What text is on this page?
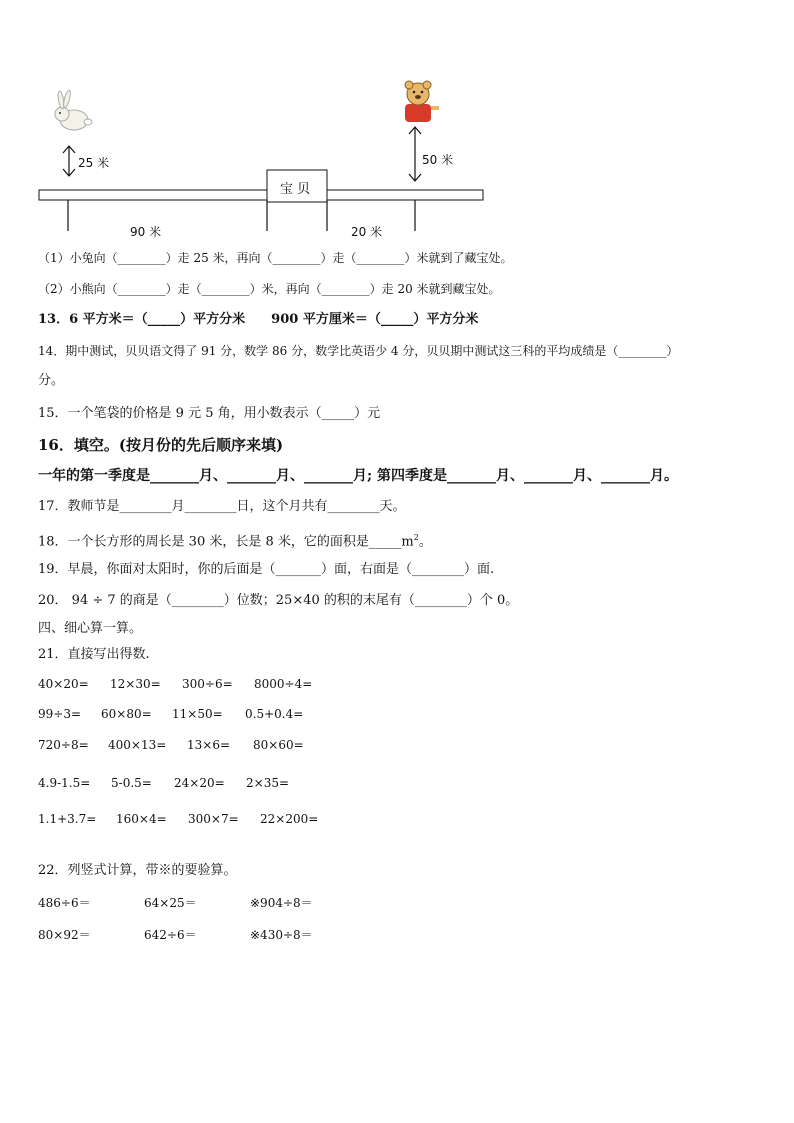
25 米	50 米
宝 贝
90 米	20 米
（1）小兔向（________）走 25 米，再向（________）走（________）米就到了藏宝处。
（2）小熊向（________）走（________）米，再向（________）走 20 米就到藏宝处。
13．6 平方米＝（_____）平方分米　　900 平方厘米＝（_____）平方分米
14．期中测试，贝贝语文得了 91 分，数学 86 分，数学比英语少 4 分，贝贝期中测试这三科的平均成绩是（________）
分。
15．一个笔袋的价格是 9 元 5 角，用小数表示（_____）元
16．填空。(按月份的先后顺序来填)
一年的第一季度是_______月、_______月、_______月; 第四季度是_______月、_______月、_______月。
17．教师节是________月________日，这个月共有________天。
18．一个长方形的周长是 30 米，长是 8 米，它的面积是$\_\_\_\_\_m^2$。
19．早晨，你面对太阳时，你的后面是（_______）面，右面是（________）面.
20． 94 ÷ 7 的商是（________）位数；25×40 的积的末尾有（________）个 0。
四、细心算一算。
21．直接写出得数.
40×20= 12×30= 300÷6= 8000÷4=
99÷3= 60×80= 11×50= 0.5+0.4=
720÷8= 400×13= 13×6= 80×60=
4.9-1.5= 5-0.5= 24×20= 2×35=
1.1+3.7= 160×4= 300×7= 22×200=
22．列竖式计算，带※的要验算。
486÷6＝	64×25＝	※904÷8＝
80×92＝	642÷6＝	※430÷8＝
